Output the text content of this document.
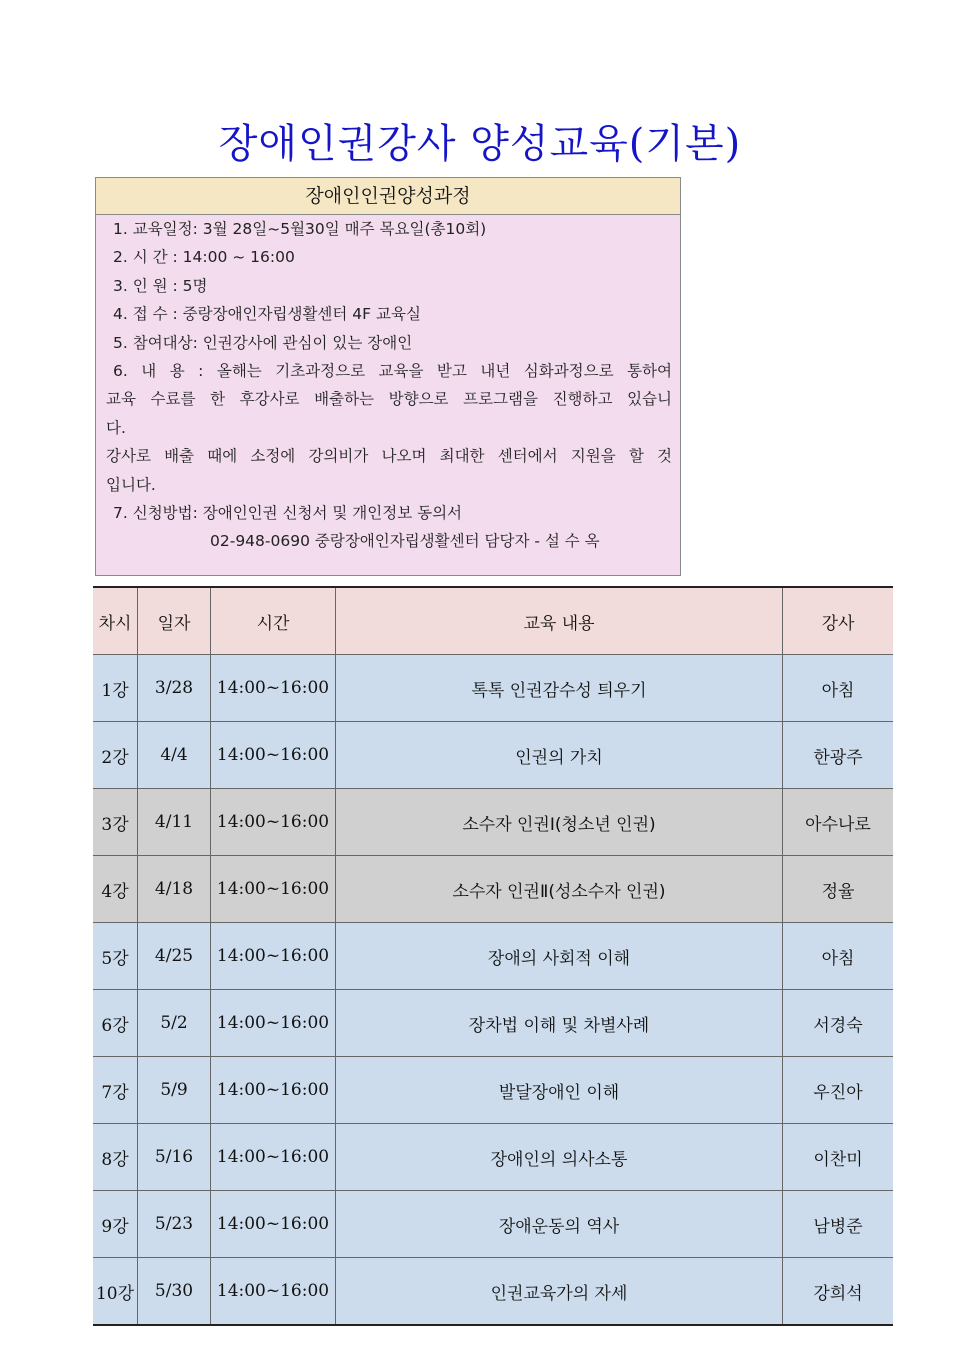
장애인권강사 양성교육(기본)
장애인인권양성과정
1. 교육일정: 3월 28일~5월30일 매주 목요일(총10회)
2. 시 간 : 14:00 ~ 16:00
3. 인 원 : 5명
4. 접 수 : 중랑장애인자립생활센터 4F 교육실
5. 참여대상: 인권강사에 관심이 있는 장애인
6. 내 용 : 올해는 기초과정으로 교육을 받고 내년 심화과정으로 통하여
교육 수료를 한 후강사로 배출하는 방향으로 프로그램을 진행하고 있습니
다.
강사로 배출 때에 소정에 강의비가 나오며 최대한 센터에서 지원을 할 것
입니다.
7. 신청방법: 장애인인권 신청서 및 개인정보 동의서
02-948-0690 중랑장애인자립생활센터 담당자 - 설 수 옥
차시	일자	시간	교육 내용	강사
1강	3/28	14:00~16:00	톡톡 인권감수성 틔우기	아침
2강	4/4	14:00~16:00	인권의 가치	한광주
3강	4/11	14:00~16:00	소수자 인권Ⅰ(청소년 인권)	아수나로
4강	4/18	14:00~16:00	소수자 인권Ⅱ(성소수자 인권)	정율
5강	4/25	14:00~16:00	장애의 사회적 이해	아침
6강	5/2	14:00~16:00	장차법 이해 및 차별사례	서경숙
7강	5/9	14:00~16:00	발달장애인 이해	우진아
8강	5/16	14:00~16:00	장애인의 의사소통	이찬미
9강	5/23	14:00~16:00	장애운동의 역사	남병준
10강	5/30	14:00~16:00	인권교육가의 자세	강희석
